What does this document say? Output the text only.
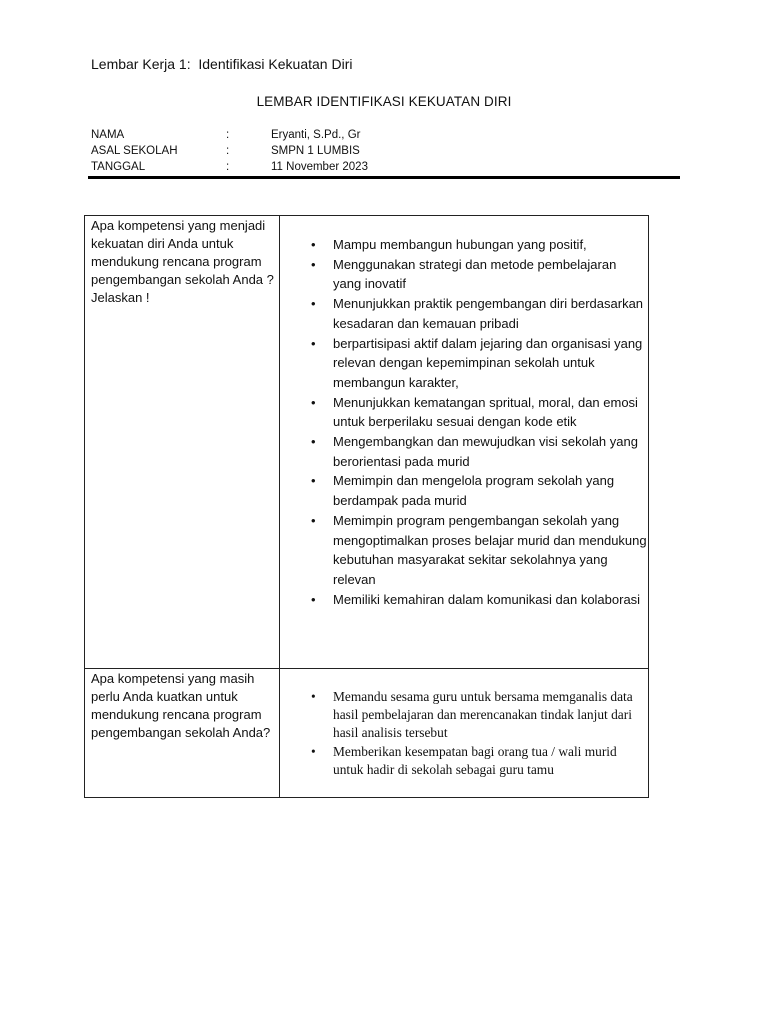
Lembar Kerja 1:  Identifikasi Kekuatan Diri
LEMBAR IDENTIFIKASI KEKUATAN DIRI
NAMA	:	Eryanti, S.Pd., Gr
ASAL SEKOLAH	:	SMPN 1 LUMBIS
TANGGAL	:	11 November 2023
Apa kompetensi yang menjadi kekuatan diri Anda untuk mendukung rencana program pengembangan sekolah Anda ? Jelaskan !
• Mampu membangun hubungan yang positif,
• Menggunakan strategi dan metode pembelajaran yang inovatif
• Menunjukkan praktik pengembangan diri berdasarkan kesadaran dan kemauan pribadi
• berpartisipasi aktif dalam jejaring dan organisasi yang relevan dengan kepemimpinan sekolah untuk membangun karakter,
• Menunjukkan kematangan spritual, moral, dan emosi untuk berperilaku sesuai dengan kode etik
• Mengembangkan dan mewujudkan visi sekolah yang berorientasi pada murid
• Memimpin dan mengelola program sekolah yang berdampak pada murid
• Memimpin program pengembangan sekolah yang mengoptimalkan proses belajar murid dan mendukung kebutuhan masyarakat sekitar sekolahnya yang relevan
• Memiliki kemahiran dalam komunikasi dan kolaborasi
Apa kompetensi yang masih perlu Anda kuatkan untuk mendukung rencana program pengembangan sekolah Anda?
• Memandu sesama guru untuk bersama memganalis data hasil pembelajaran dan merencanakan tindak lanjut dari hasil analisis tersebut
• Memberikan kesempatan bagi orang tua / wali murid untuk hadir di sekolah sebagai guru tamu
